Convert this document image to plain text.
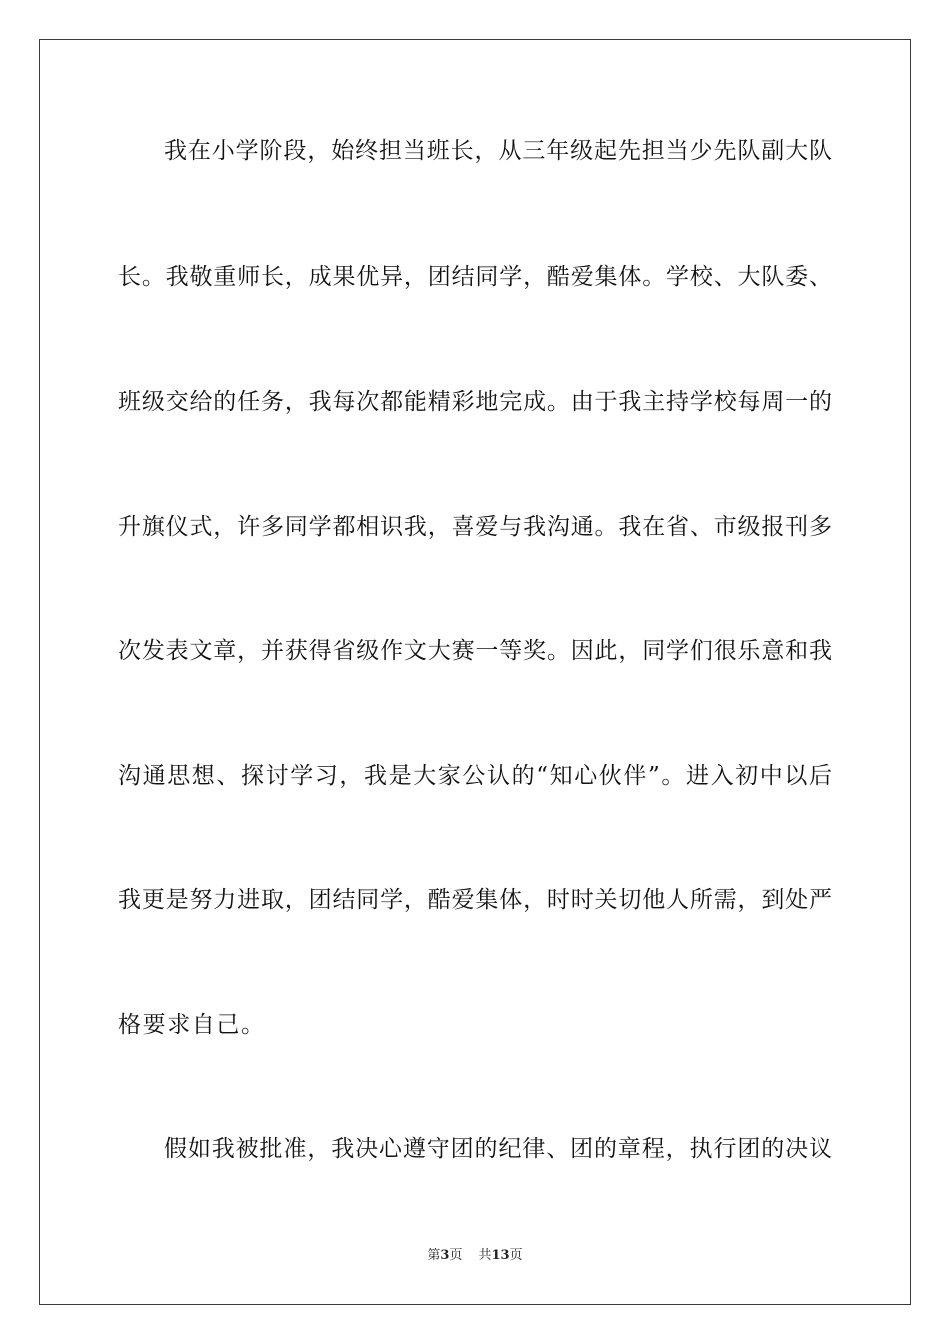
我在小学阶段，始终担当班长，从三年级起先担当少先队副大队
长。我敬重师长，成果优异，团结同学，酷爱集体。学校、大队委、
班级交给的任务，我每次都能精彩地完成。由于我主持学校每周一的
升旗仪式，许多同学都相识我，喜爱与我沟通。我在省、市级报刊多
次发表文章，并获得省级作文大赛一等奖。因此，同学们很乐意和我
沟通思想、探讨学习，我是大家公认的“知心伙伴”。进入初中以后
我更是努力进取，团结同学，酷爱集体，时时关切他人所需，到处严
格要求自己。
假如我被批准，我决心遵守团的纪律、团的章程，执行团的决议
第3页 共13页
